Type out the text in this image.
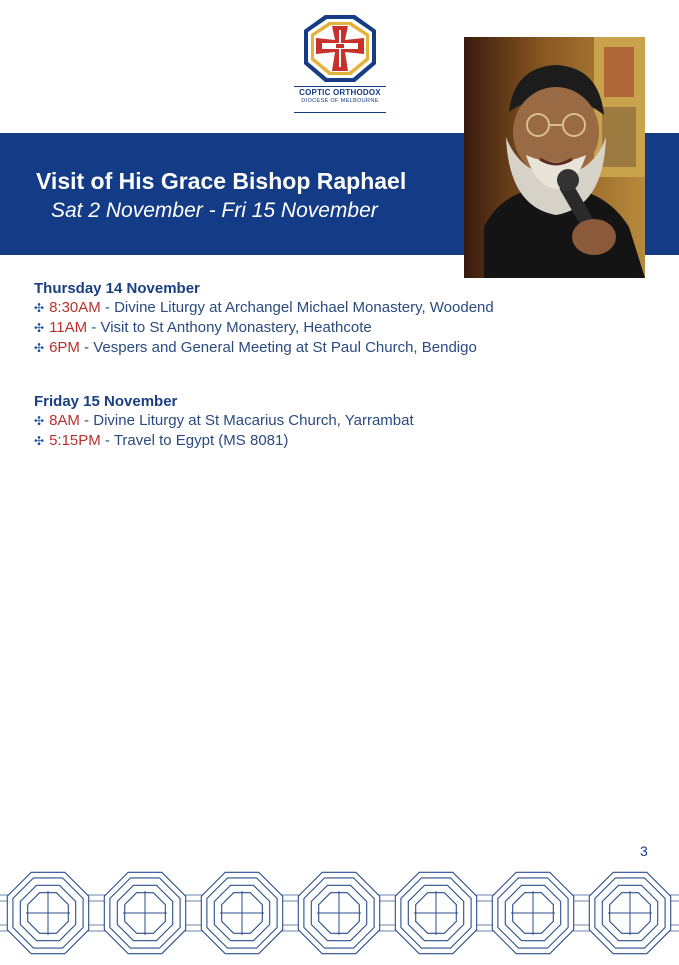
COPTIC ORTHODOX
DIOCESE OF MELBOURNE
Visit of His Grace Bishop Raphael
Sat 2 November - Fri 15 November
Thursday 14 November
✣ 8:30AM - Divine Liturgy at Archangel Michael Monastery, Woodend
✣ 11AM - Visit to St Anthony Monastery, Heathcote
✣ 6PM - Vespers and General Meeting at St Paul Church, Bendigo
Friday 15 November
✣ 8AM - Divine Liturgy at St Macarius Church, Yarrambat
✣ 5:15PM - Travel to Egypt (MS 8081)
3
